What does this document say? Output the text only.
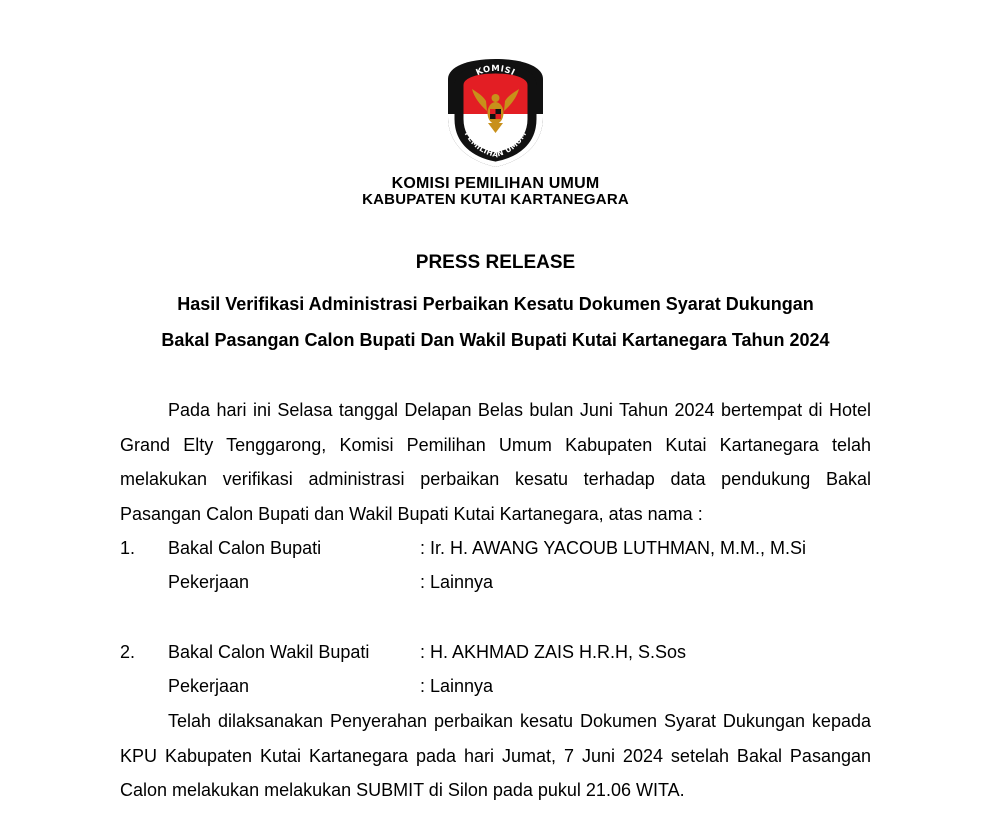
KOMISI
PEMILIHAN UMUM
KOMISI PEMILIHAN UMUM
KABUPATEN KUTAI KARTANEGARA
PRESS RELEASE
Hasil Verifikasi Administrasi Perbaikan Kesatu Dokumen Syarat Dukungan
Bakal Pasangan Calon Bupati Dan Wakil Bupati Kutai Kartanegara Tahun 2024
Pada hari ini Selasa tanggal Delapan Belas bulan Juni Tahun 2024 bertempat di Hotel Grand Elty Tenggarong, Komisi Pemilihan Umum Kabupaten Kutai Kartanegara telah melakukan verifikasi administrasi perbaikan kesatu terhadap data pendukung Bakal Pasangan Calon Bupati dan Wakil Bupati Kutai Kartanegara, atas nama :
1. Bakal Calon Bupati	: Ir. H. AWANG YACOUB LUTHMAN, M.M., M.Si
Pekerjaan	: Lainnya
2. Bakal Calon Wakil Bupati	: H. AKHMAD ZAIS H.R.H, S.Sos
Pekerjaan	: Lainnya
Telah dilaksanakan Penyerahan perbaikan kesatu Dokumen Syarat Dukungan kepada KPU Kabupaten Kutai Kartanegara pada hari Jumat, 7 Juni 2024 setelah Bakal Pasangan Calon melakukan melakukan SUBMIT di Silon pada pukul 21.06 WITA.
